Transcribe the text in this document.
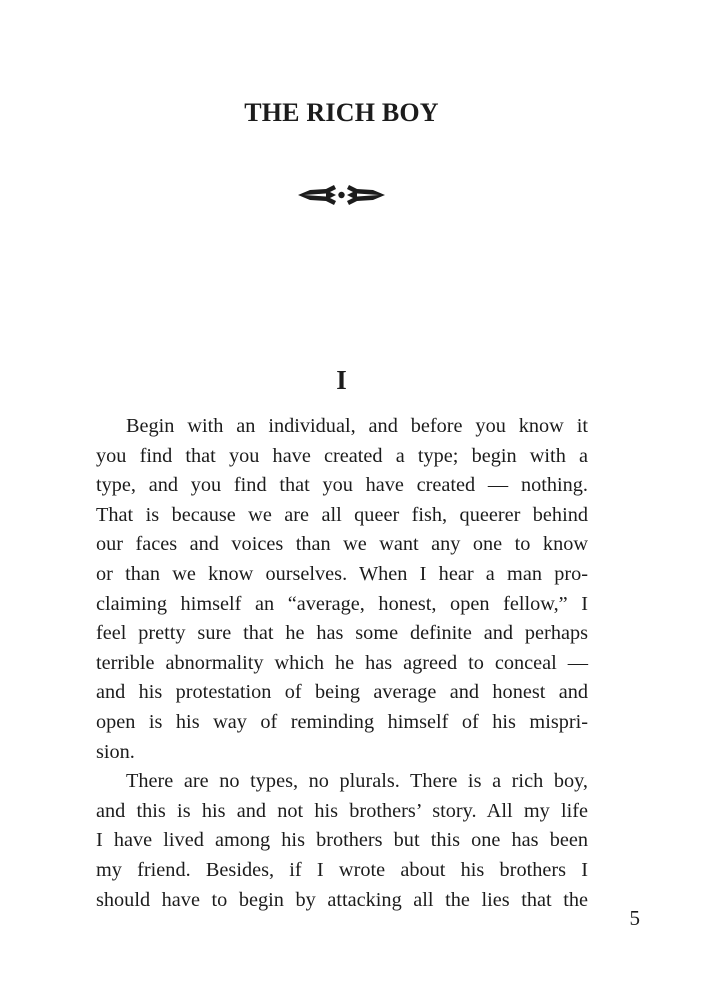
THE RICH BOY
I
Begin with an individual, and before you know it
you find that you have created a type; begin with a
type, and you find that you have created — nothing.
That is because we are all queer fish, queerer behind
our faces and voices than we want any one to know
or than we know ourselves. When I hear a man pro-
claiming himself an “average, honest, open fellow,” I
feel pretty sure that he has some definite and perhaps
terrible abnormality which he has agreed to conceal —
and his protestation of being average and honest and
open is his way of reminding himself of his mispri-
sion.
There are no types, no plurals. There is a rich boy,
and this is his and not his brothers’ story. All my life
I have lived among his brothers but this one has been
my friend. Besides, if I wrote about his brothers I
should have to begin by attacking all the lies that the
5
